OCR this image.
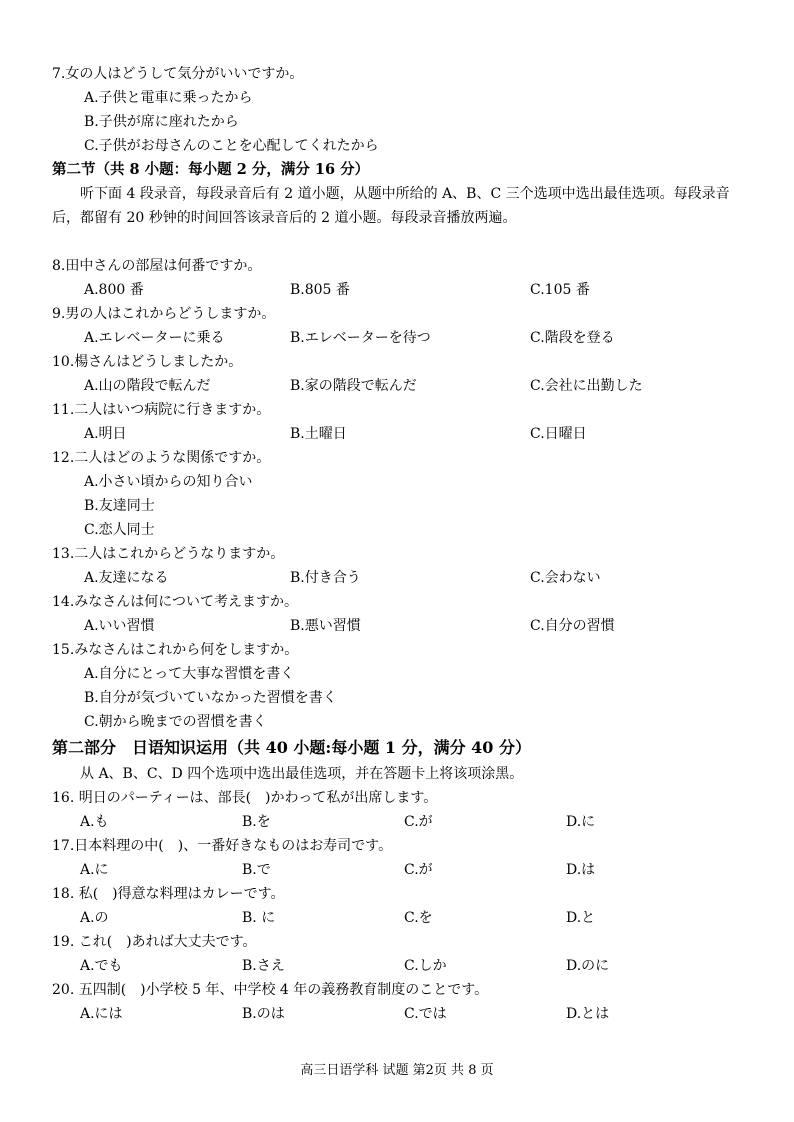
7.女の人はどうして気分がいいですか。
A.子供と電車に乗ったから
B.子供が席に座れたから
C.子供がお母さんのことを心配してくれたから
第二节（共 8 小题：每小题 2 分，满分 16 分）
听下面 4 段录音，每段录音后有 2 道小题，从题中所给的 A、B、C 三个选项中选出最佳选项。每段录音后，都留有 20 秒钟的时间回答该录音后的 2 道小题。每段录音播放两遍。
8.田中さんの部屋は何番ですか。
A.800 番	B.805 番	C.105 番
9.男の人はこれからどうしますか。
A.エレベーターに乗る	B.エレベーターを待つ	C.階段を登る
10.楊さんはどうしましたか。
A.山の階段で転んだ	B.家の階段で転んだ	C.会社に出勤した
11.二人はいつ病院に行きますか。
A.明日	B.土曜日	C.日曜日
12.二人はどのような関係ですか。
A.小さい頃からの知り合い
B.友達同士
C.恋人同士
13.二人はこれからどうなりますか。
A.友達になる	B.付き合う	C.会わない
14.みなさんは何について考えますか。
A.いい習慣	B.悪い習慣	C.自分の習慣
15.みなさんはこれから何をしますか。
A.自分にとって大事な習慣を書く
B.自分が気づいていなかった習慣を書く
C.朝から晩までの習慣を書く
第二部分　日语知识运用（共 40 小题:每小题 1 分，满分 40 分）
从 A、B、C、D 四个选项中选出最佳选项，并在答题卡上将该项涂黑。
16. 明日のパーティーは、部長(　)かわって私が出席します。
A.も	B.を	C.が	D.に
17.日本料理の中(　)、一番好きなものはお寿司です。
A.に	B.で	C.が	D.は
18. 私(　)得意な料理はカレーです。
A.の	B. に	C.を	D.と
19. これ(　)あれば大丈夫です。
A.でも	B.さえ	C.しか	D.のに
20. 五四制(　)小学校 5 年、中学校 4 年の義務教育制度のことです。
A.には	B.のは	C.では	D.とは
高三日语学科 试题 第2页 共 8 页
